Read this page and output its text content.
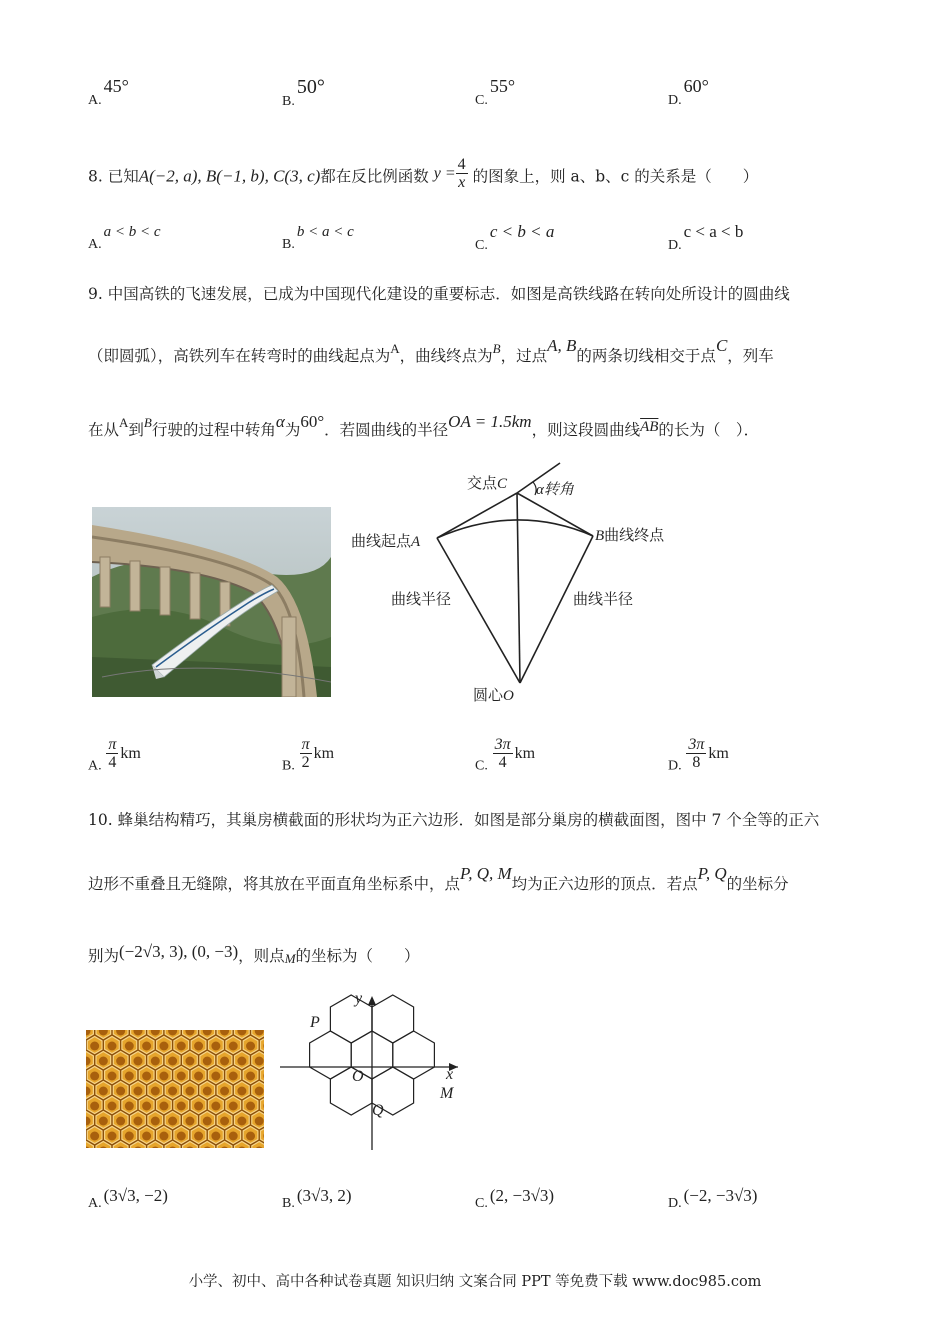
A.45°
B.50°
C.55°
D.60°
8. 已知A(−2, a), B(−1, b), C(3, c)都在反比例函数 $y = \frac{4}{x}$ 的图象上，则 a、b、c 的关系是（　　）
A.a < b < c
B.b < a < c
C.c < b < a
D.c < a < b
9. 中国高铁的飞速发展，已成为中国现代化建设的重要标志．如图是高铁线路在转向处所设计的圆曲线
（即圆弧），高铁列车在转弯时的曲线起点为$^A$，曲线终点为$^B$，过点A, B的两条切线相交于点C，列车
在从$^A$到$^B$行驶的过程中转角α为60°．若圆曲线的半径OA = 1.5km，则这段圆曲线$\overline{AB}$的长为（　）．
交点C α转角
曲线起点A	B曲线终点
曲线半径	曲线半径
圆心O
A. $\frac{\pi}{4}$ km
B. $\frac{\pi}{2}$ km
C. $\frac{3\pi}{4}$ km
D. $\frac{3\pi}{8}$ km
10. 蜂巢结构精巧，其巢房横截面的形状均为正六边形．如图是部分巢房的横截面图，图中 7 个全等的正六
边形不重叠且无缝隙，将其放在平面直角坐标系中，点P, Q, M均为正六边形的顶点．若点P, Q的坐标分
别为(−2√3, 3), (0, −3)，则点M的坐标为（　　）
y
x
O
P
Q
M
A. (3√3, −2)	B. (3√3, 2)	C. (2, −3√3)	D. (−2, −3√3)
小学、初中、高中各种试卷真题 知识归纳 文案合同 PPT 等免费下载 www.doc985.com
